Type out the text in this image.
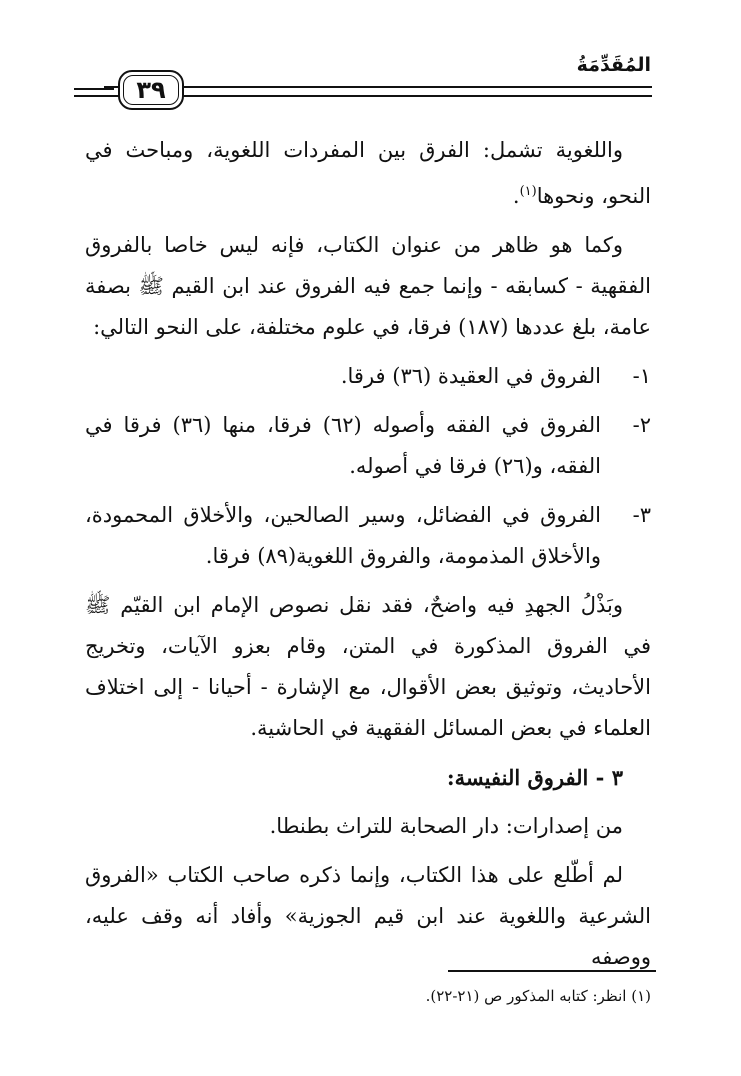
المُقَدِّمَةُ
٣٩

واللغوية تشمل: الفرق بين المفردات اللغوية، ومباحث في النحو، ونحوها$^{(١)}$.

وكما هو ظاهر من عنوان الكتاب، فإنه ليس خاصا بالفروق الفقهية - كسابقه - وإنما جمع فيه الفروق عند ابن القيم ﷺ بصفة عامة، بلغ عددها (١٨٧) فرقا، في علوم مختلفة، على النحو التالي:

١-
الفروق في العقيدة (٣٦) فرقا.
٢-
الفروق في الفقه وأصوله (٦٢) فرقا، منها (٣٦) فرقا في الفقه، و(٢٦) فرقا في أصوله.
٣-
الفروق في الفضائل، وسير الصالحين، والأخلاق المحمودة، والأخلاق المذمومة، والفروق اللغوية(٨٩) فرقا.

وبَذْلُ الجهدِ فيه واضحٌ، فقد نقل نصوص الإمام ابن القيّم ﷺ في الفروق المذكورة في المتن، وقام بعزو الآيات، وتخريج الأحاديث، وتوثيق بعض الأقوال، مع الإشارة - أحيانا - إلى اختلاف العلماء في بعض المسائل الفقهية في الحاشية.

٣ - الفروق النفيسة:

من إصدارات: دار الصحابة للتراث بطنطا.

لم أطّلع على هذا الكتاب، وإنما ذكره صاحب الكتاب «الفروق الشرعية واللغوية عند ابن قيم الجوزية» وأفاد أنه وقف عليه، ووصفه

(١) انظر: كتابه المذكور ص (٢١-٢٢).
